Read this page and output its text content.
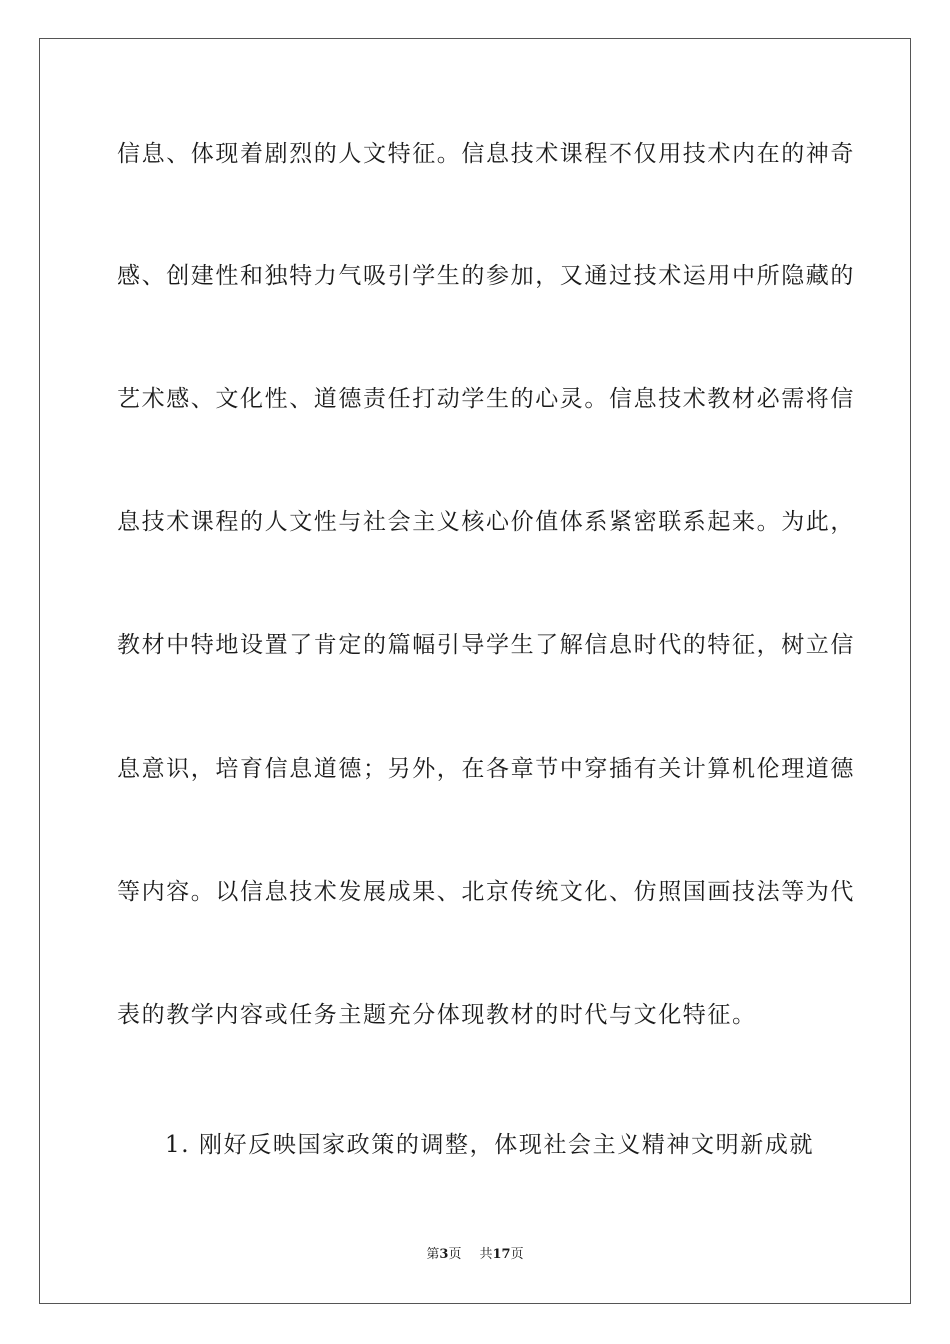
信息、体现着剧烈的人文特征。信息技术课程不仅用技术内在的神奇
感、创建性和独特力气吸引学生的参加，又通过技术运用中所隐藏的
艺术感、文化性、道德责任打动学生的心灵。信息技术教材必需将信
息技术课程的人文性与社会主义核心价值体系紧密联系起来。为此，
教材中特地设置了肯定的篇幅引导学生了解信息时代的特征，树立信
息意识，培育信息道德；另外，在各章节中穿插有关计算机伦理道德
等内容。以信息技术发展成果、北京传统文化、仿照国画技法等为代
表的教学内容或任务主题充分体现教材的时代与文化特征。
1. 刚好反映国家政策的调整，体现社会主义精神文明新成就
第3页 共17页
